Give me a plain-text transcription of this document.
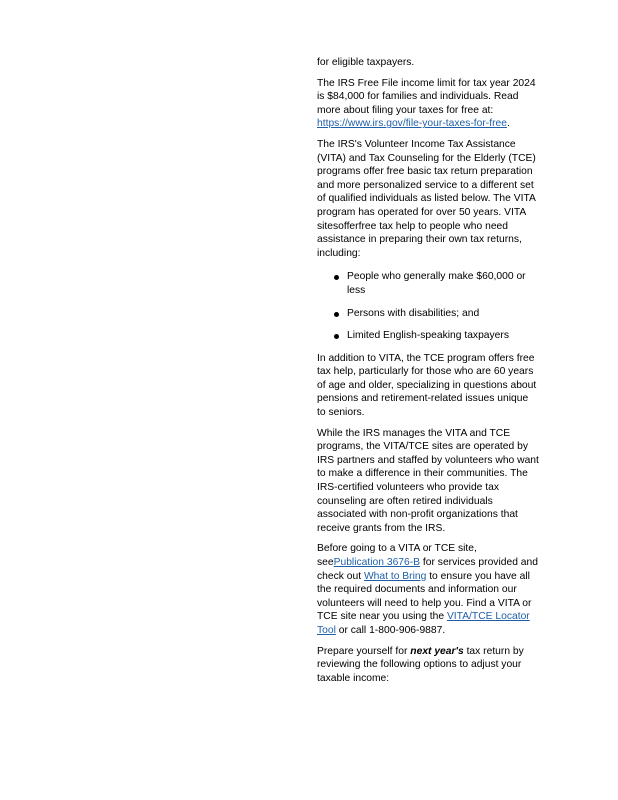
for eligible taxpayers.

The IRS Free File income limit for tax year 2024 is $84,000 for families and individuals. Read more about filing your taxes for free at: https://www.irs.gov/file-your-taxes-for-free.

The IRS's Volunteer Income Tax Assistance (VITA) and Tax Counseling for the Elderly (TCE) programs offer free basic tax return preparation and more personalized service to a different set of qualified individuals as listed below. The VITA program has operated for over 50 years. VITA sitesofferfree tax help to people who need assistance in preparing their own tax returns, including:

People who generally make $60,000 or less
Persons with disabilities; and
Limited English-speaking taxpayers

In addition to VITA, the TCE program offers free tax help, particularly for those who are 60 years of age and older, specializing in questions about pensions and retirement-related issues unique to seniors.

While the IRS manages the VITA and TCE programs, the VITA/TCE sites are operated by IRS partners and staffed by volunteers who want to make a difference in their communities. The IRS-certified volunteers who provide tax counseling are often retired individuals associated with non-profit organizations that receive grants from the IRS.

Before going to a VITA or TCE site, seePublication 3676-B for services provided and check out What to Bring to ensure you have all the required documents and information our volunteers will need to help you. Find a VITA or TCE site near you using the VITA/TCE Locator Tool or call 1-800-906-9887.

Prepare yourself for next year's tax return by reviewing the following options to adjust your taxable income:
